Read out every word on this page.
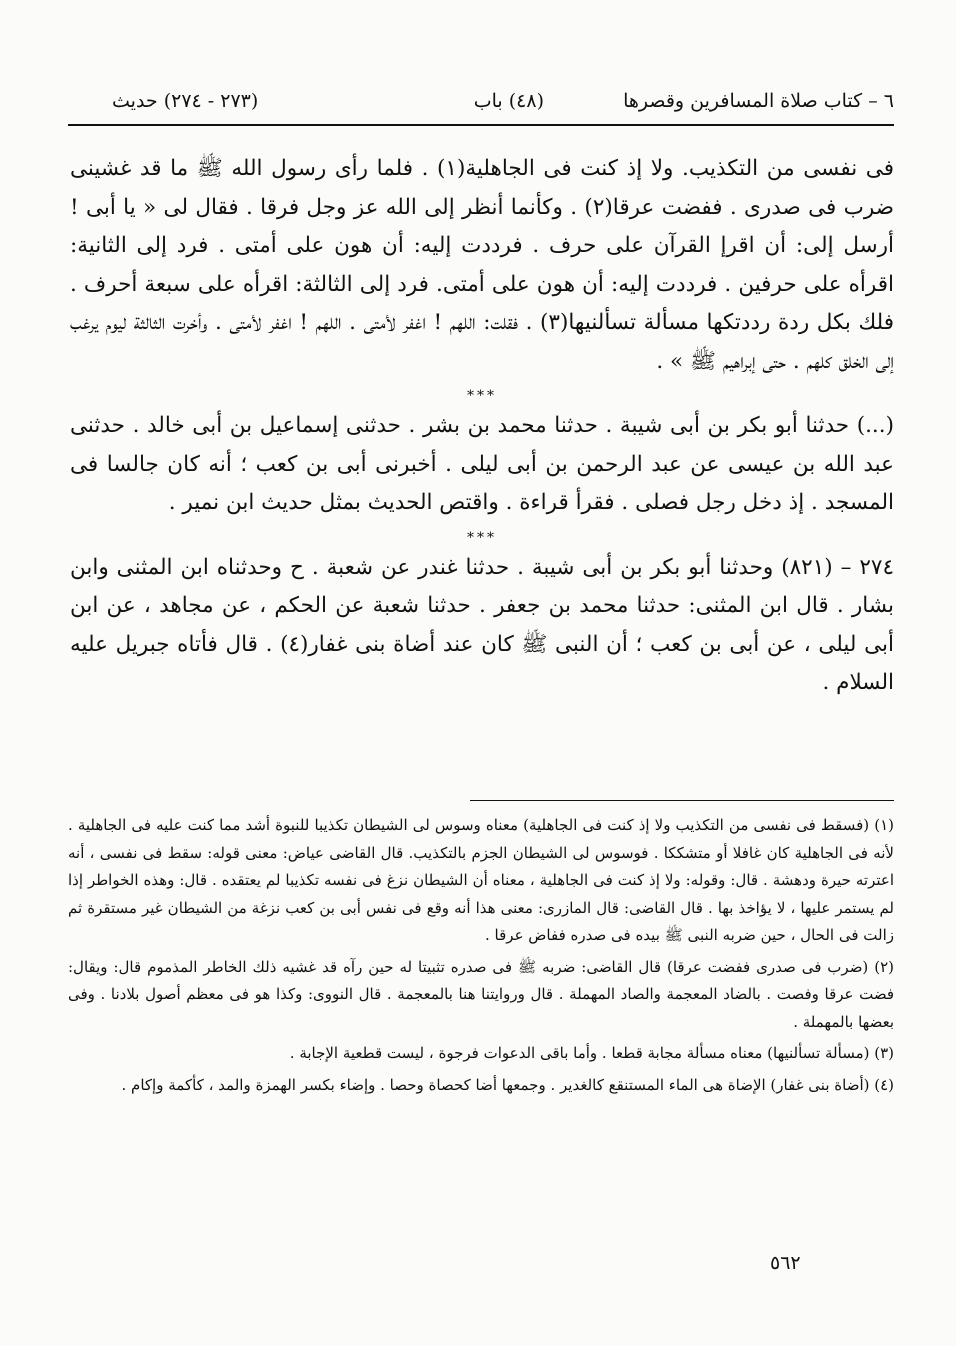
٦ – كتاب صلاة المسافرين وقصرها
(٤٨) باب
(٢٧٣ - ٢٧٤) حديث

فى نفسى من التكذيب. ولا إذ كنت فى الجاهلية(١) . فلما رأى رسول الله ﷺ ما قد غشينى ضرب فى صدرى . ففضت عرقا(٢) . وكأنما أنظر إلى الله عز وجل فرقا . فقال لى « يا أبى ! أرسل إلى: أن اقرإ القرآن على حرف . فرددت إليه: أن هون على أمتى . فرد إلى الثانية: اقرأه على حرفين . فرددت إليه: أن هون على أمتى. فرد إلى الثالثة: اقرأه على سبعة أحرف . فلك بكل ردة رددتكها مسألة تسألنيها(٣) . فقلت: اللهم ! اغفر لأمتى . اللهم ! اغفر لأمتى . وأخرت الثالثة ليوم يرغب إلى الخلق كلهم . حتى إبراهيم ﷺ » .

***

(...) حدثنا أبو بكر بن أبى شيبة . حدثنا محمد بن بشر . حدثنى إسماعيل بن أبى خالد . حدثنى عبد الله بن عيسى عن عبد الرحمن بن أبى ليلى . أخبرنى أبى بن كعب ؛ أنه كان جالسا فى المسجد . إذ دخل رجل فصلى . فقرأ قراءة . واقتص الحديث بمثل حديث ابن نمير .

***

٢٧٤ – (٨٢١) وحدثنا أبو بكر بن أبى شيبة . حدثنا غندر عن شعبة . ح وحدثناه ابن المثنى وابن بشار . قال ابن المثنى: حدثنا محمد بن جعفر . حدثنا شعبة عن الحكم ، عن مجاهد ، عن ابن أبى ليلى ، عن أبى بن كعب ؛ أن النبى ﷺ كان عند أضاة بنى غفار(٤) . قال فأتاه جبريل عليه السلام .

(١) (فسقط فى نفسى من التكذيب ولا إذ كنت فى الجاهلية) معناه وسوس لى الشيطان تكذيبا للنبوة أشد مما كنت عليه فى الجاهلية . لأنه فى الجاهلية كان غافلا أو متشككا . فوسوس لى الشيطان الجزم بالتكذيب. قال القاضى عياض: معنى قوله: سقط فى نفسى ، أنه اعترته حيرة ودهشة . قال: وقوله: ولا إذ كنت فى الجاهلية ، معناه أن الشيطان نزغ فى نفسه تكذيبا لم يعتقده . قال: وهذه الخواطر إذا لم يستمر عليها ، لا يؤاخذ بها . قال القاضى: قال المازرى: معنى هذا أنه وقع فى نفس أبى بن كعب نزغة من الشيطان غير مستقرة ثم زالت فى الحال ، حين ضربه النبى ﷺ بيده فى صدره ففاض عرقا .

(٢) (ضرب فى صدرى ففضت عرقا) قال القاضى: ضربه ﷺ فى صدره تثبيتا له حين رآه قد غشيه ذلك الخاطر المذموم قال: ويقال: فضت عرقا وفصت . بالضاد المعجمة والصاد المهملة . قال وروايتنا هنا بالمعجمة . قال النووى: وكذا هو فى معظم أصول بلادنا . وفى بعضها بالمهملة .

(٣) (مسألة تسألنيها) معناه مسألة مجابة قطعا . وأما باقى الدعوات فرجوة ، ليست قطعية الإجابة .

(٤) (أضاة بنى غفار) الإضاة هى الماء المستنقع كالغدير . وجمعها أضا كحصاة وحصا . وإضاء بكسر الهمزة والمد ، كأكمة وإكام .

٥٦٢
